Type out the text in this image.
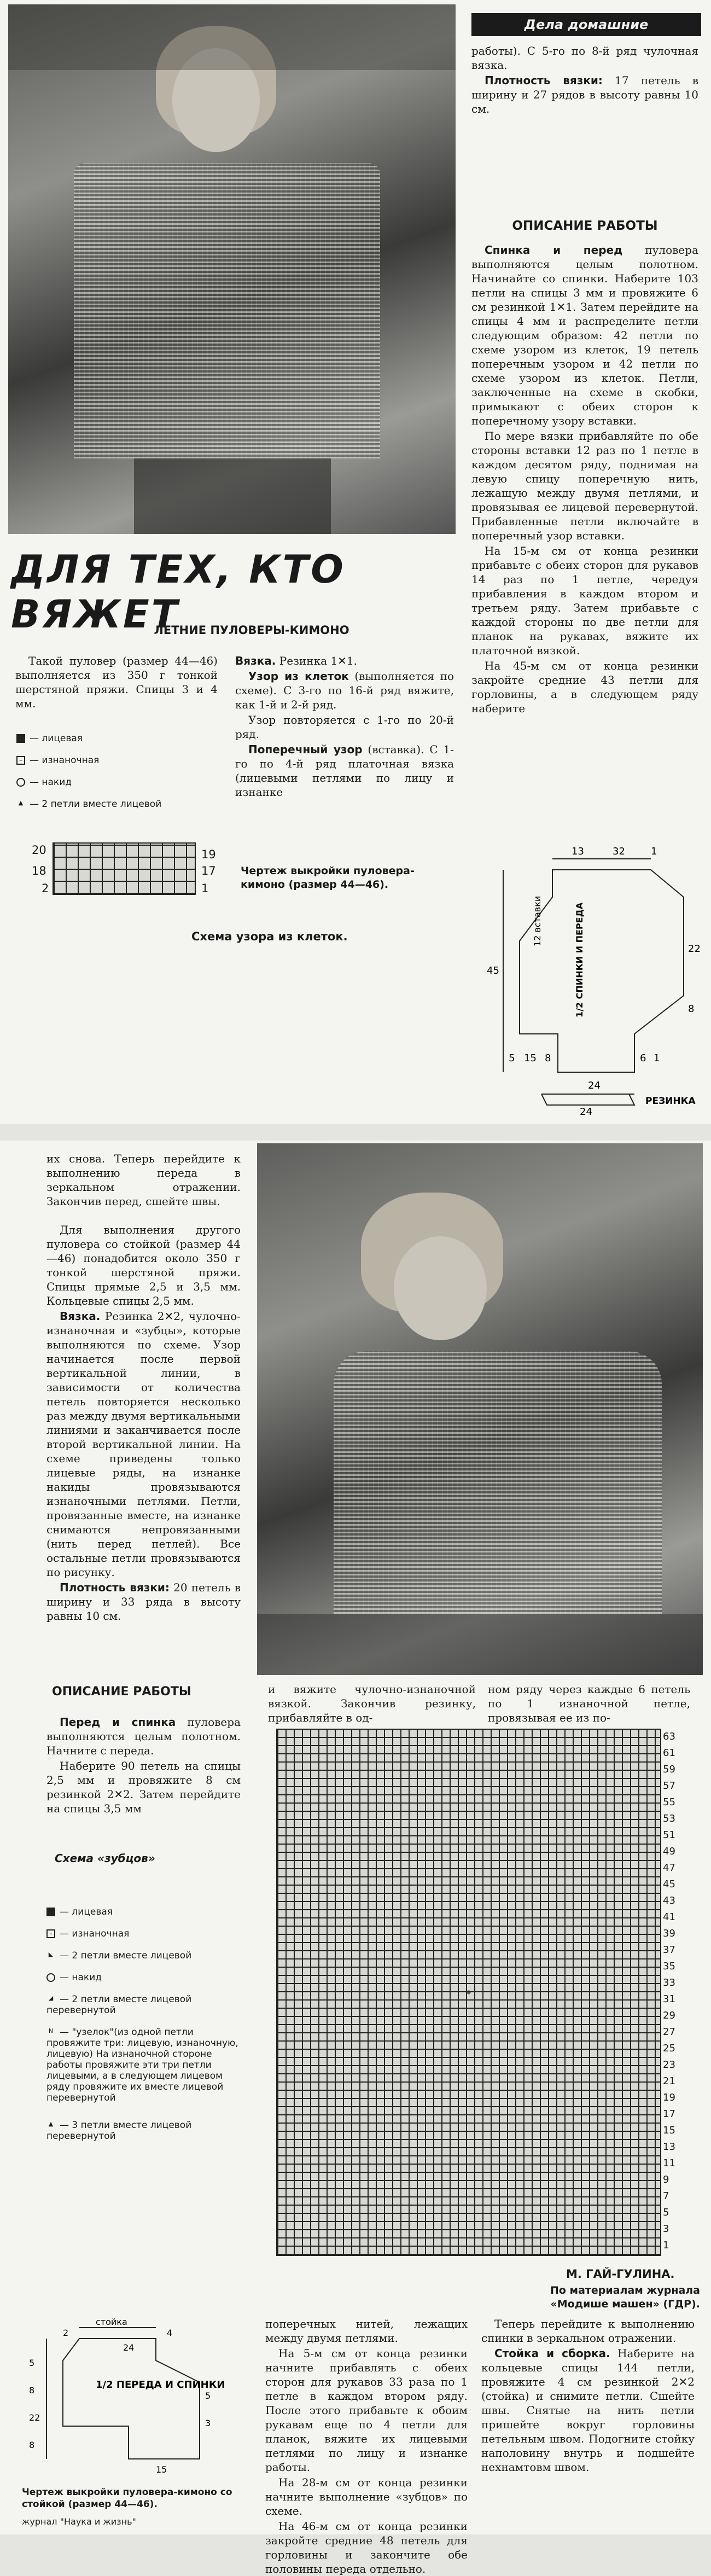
Дела домашние

работы). С 5-го по 8-й ряд чулочная вязка.

Плотность вязки: 17 петель в ширину и 27 рядов в высоту равны 10 см.

ОПИСАНИЕ РАБОТЫ

Спинка и перед пуловера выполняются целым полотном. Начинайте со спинки. Наберите 103 петли на спицы 3 мм и провяжите 6 см резинкой 1✕1. Затем перейдите на спицы 4 мм и распределите петли следующим образом: 42 петли по схеме узором из клеток, 19 петель поперечным узором и 42 петли по схеме узором из клеток. Петли, заключенные на схеме в скобки, примыкают с обеих сторон к поперечному узору вставки.

По мере вязки прибавляйте по обе стороны вставки 12 раз по 1 петле в каждом десятом ряду, поднимая на левую спицу поперечную нить, лежащую между двумя петлями, и провязывая ее лицевой перевернутой. Прибавленные петли включайте в поперечный узор вставки.

На 15-м см от конца резинки прибавьте с обеих сторон для рукавов 14 раз по 1 петле, чередуя прибавления в каждом втором и третьем ряду. Затем прибавьте с каждой стороны по две петли для планок на рукавах, вяжите их платочной вязкой.

На 45-м см от конца резинки закройте средние 43 петли для горловины, а в следующем ряду наберите

ДЛЯ ТЕХ, КТО ВЯЖЕТ
ЛЕТНИЕ ПУЛОВЕРЫ-КИМОНО

Такой пуловер (размер 44—46) выполняется из 350 г тонкой шерстяной пряжи. Спицы 3 и 4 мм.

Вязка. Резинка 1✕1.

Узор из клеток (выполняется по схеме). С 3-го по 16-й ряд вяжите, как 1-й и 2-й ряд.

Узор повторяется с 1-го по 20-й ряд.

Поперечный узор (вставка). С 1-го по 4-й ряд платочная вязка (лицевыми петлями по лицу и изнанке

— лицевая
– — изнаночная
— накид
▲ — 2 петли вместе лицевой
20
18
19
17
1
2
Схема узора из клеток.
Чертеж выкройки пуловера-кимоно (размер 44—46).
13	32	1
12 вставки	1/2 СПИНКИ И ПЕРЕДА
45
22
8
15
5	8
24
6 1
24
РЕЗИНКА

их снова. Теперь перейдите к выполнению переда в зеркальном отражении. Закончив перед, сшейте швы.

Для выполнения другого пуловера со стойкой (размер 44—46) понадобится около 350 г тонкой шерстяной пряжи. Спицы прямые 2,5 и 3,5 мм. Кольцевые спицы 2,5 мм.

Вязка. Резинка 2✕2, чулочно-изнаночная и «зубцы», которые выполняются по схеме. Узор начинается после первой вертикальной линии, в зависимости от количества петель повторяется несколько раз между двумя вертикальными линиями и заканчивается после второй вертикальной линии. На схеме приведены только лицевые ряды, на изнанке накиды провязываются изнаночными петлями. Петли, провязанные вместе, на изнанке снимаются непровязанными (нить перед петлей). Все остальные петли провязываются по рисунку.

Плотность вязки: 20 петель в ширину и 33 ряда в высоту равны 10 см.

и вяжите чулочно-изнаночной вязкой. Закончив резинку, прибавляйте в од-

ном ряду через каждые 6 петель по 1 изнаночной петле, провязывая ее из по-

ОПИСАНИЕ РАБОТЫ

Перед и спинка пуловера выполняются целым полотном. Начните с переда.

Наберите 90 петель на спицы 2,5 мм и провяжите 8 см резинкой 2✕2. Затем перейдите на спицы 3,5 мм

Схема «зубцов»
— лицевая
– — изнаночная
◣ — 2 петли вместе лицевой
— накид
◢ — 2 петли вместе лицевой перевернутой
N — "узелок"(из одной петли провяжите три: лицевую, изнаночную, лицевую) На изнаночной стороне работы провяжите эти три петли лицевыми, а в следующем лицевом ряду провяжите их вместе лицевой перевернутой
▲ — 3 петли вместе лицевой перевернутой
М. ГАЙ-ГУЛИНА.
По материалам журнала «Модише машен» (ГДР).
стойка
24
2	4
1/2 ПЕРЕДА И СПИНКИ
5
8
22
8
5
3
15
Чертеж выкройки пуловера-кимоно со стойкой (размер 44—46).
журнал "Наука и жизнь"

поперечных нитей, лежащих между двумя петлями.

На 5-м см от конца резинки начните прибавлять с обеих сторон для рукавов 33 раза по 1 петле в каждом втором ряду. После этого прибавьте к обоим рукавам еще по 4 петли для планок, вяжите их лицевыми петлями по лицу и изнанке работы.

На 28-м см от конца резинки начните выполнение «зубцов» по схеме.

На 46-м см от конца резинки закройте средние 48 петель для горловины и закончите обе половины переда отдельно.

Теперь перейдите к выполнению спинки в зеркальном отражении.

Стойка и сборка. Наберите на кольцевые спицы 144 петли, провяжите 4 см резинкой 2✕2 (стойка) и снимите петли. Сшейте швы. Снятые на нить петли пришейте вокруг горловины петельным швом. Подогните стойку наполовину внутрь и подшейте нехнамтовм швом.

63
61
59
57
55
53
51
49
47
45
43
41
39
37
35
33
31
29
27
25
23
21
19
17
15
13
11
9
7
5
3
1
